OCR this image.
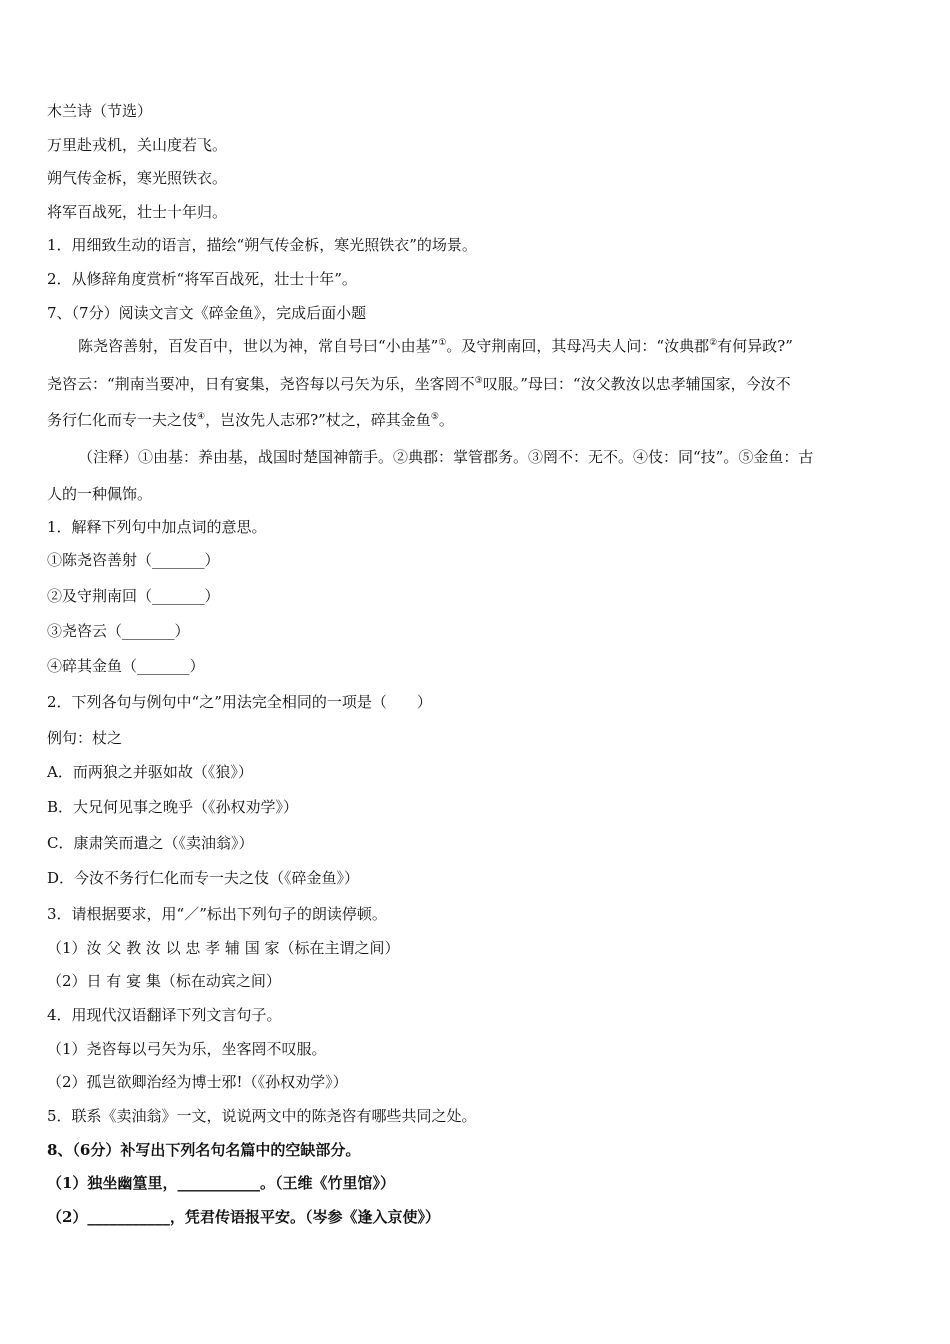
木兰诗（节选）
万里赴戎机，关山度若飞。
朔气传金柝，寒光照铁衣。
将军百战死，壮士十年归。
1．用细致生动的语言，描绘“朔气传金柝，寒光照铁衣”的场景。
2．从修辞角度赏析“将军百战死，壮士十年”。
7、（7分）阅读文言文《碎金鱼》，完成后面小题
陈尧咨善射，百发百中，世以为神，常自号曰“小由基”①。及守荆南回，其母冯夫人问：“汝典郡②有何异政?”
尧咨云：“荆南当要冲，日有宴集，尧咨每以弓矢为乐，坐客罔不③叹服。”母曰：“汝父教汝以忠孝辅国家，今汝不
务行仁化而专一夫之伎④，岂汝先人志邪?”杖之，碎其金鱼⑤。
（注释）①由基：养由基，战国时楚国神箭手。②典郡：掌管郡务。③罔不：无不。④伎：同“技”。⑤金鱼：古
人的一种佩饰。
1．解释下列句中加点词的意思。
①陈尧咨善射（_______）
②及守荆南回（_______）
③尧咨云（_______）
④碎其金鱼（_______）
2．下列各句与例句中“之”用法完全相同的一项是（　　）
例句：杖之
A．而两狼之并驱如故（《狼》）
B．大兄何见事之晚乎（《孙权劝学》）
C．康肃笑而遣之（《卖油翁》）
D．今汝不务行仁化而专一夫之伎（《碎金鱼》）
3．请根据要求，用“／”标出下列句子的朗读停顿。
（1）汝 父 教 汝 以 忠 孝 辅 国 家（标在主谓之间）
（2）日 有 宴 集（标在动宾之间）
4．用现代汉语翻译下列文言句子。
（1）尧咨每以弓矢为乐，坐客罔不叹服。
（2）孤岂欲卿治经为博士邪!（《孙权劝学》）
5．联系《卖油翁》一文，说说两文中的陈尧咨有哪些共同之处。
8、（6分）补写出下列名句名篇中的空缺部分。
（1）独坐幽篁里，___________。（王维《竹里馆》）
（2）___________，凭君传语报平安。（岑参《逢入京使》）
